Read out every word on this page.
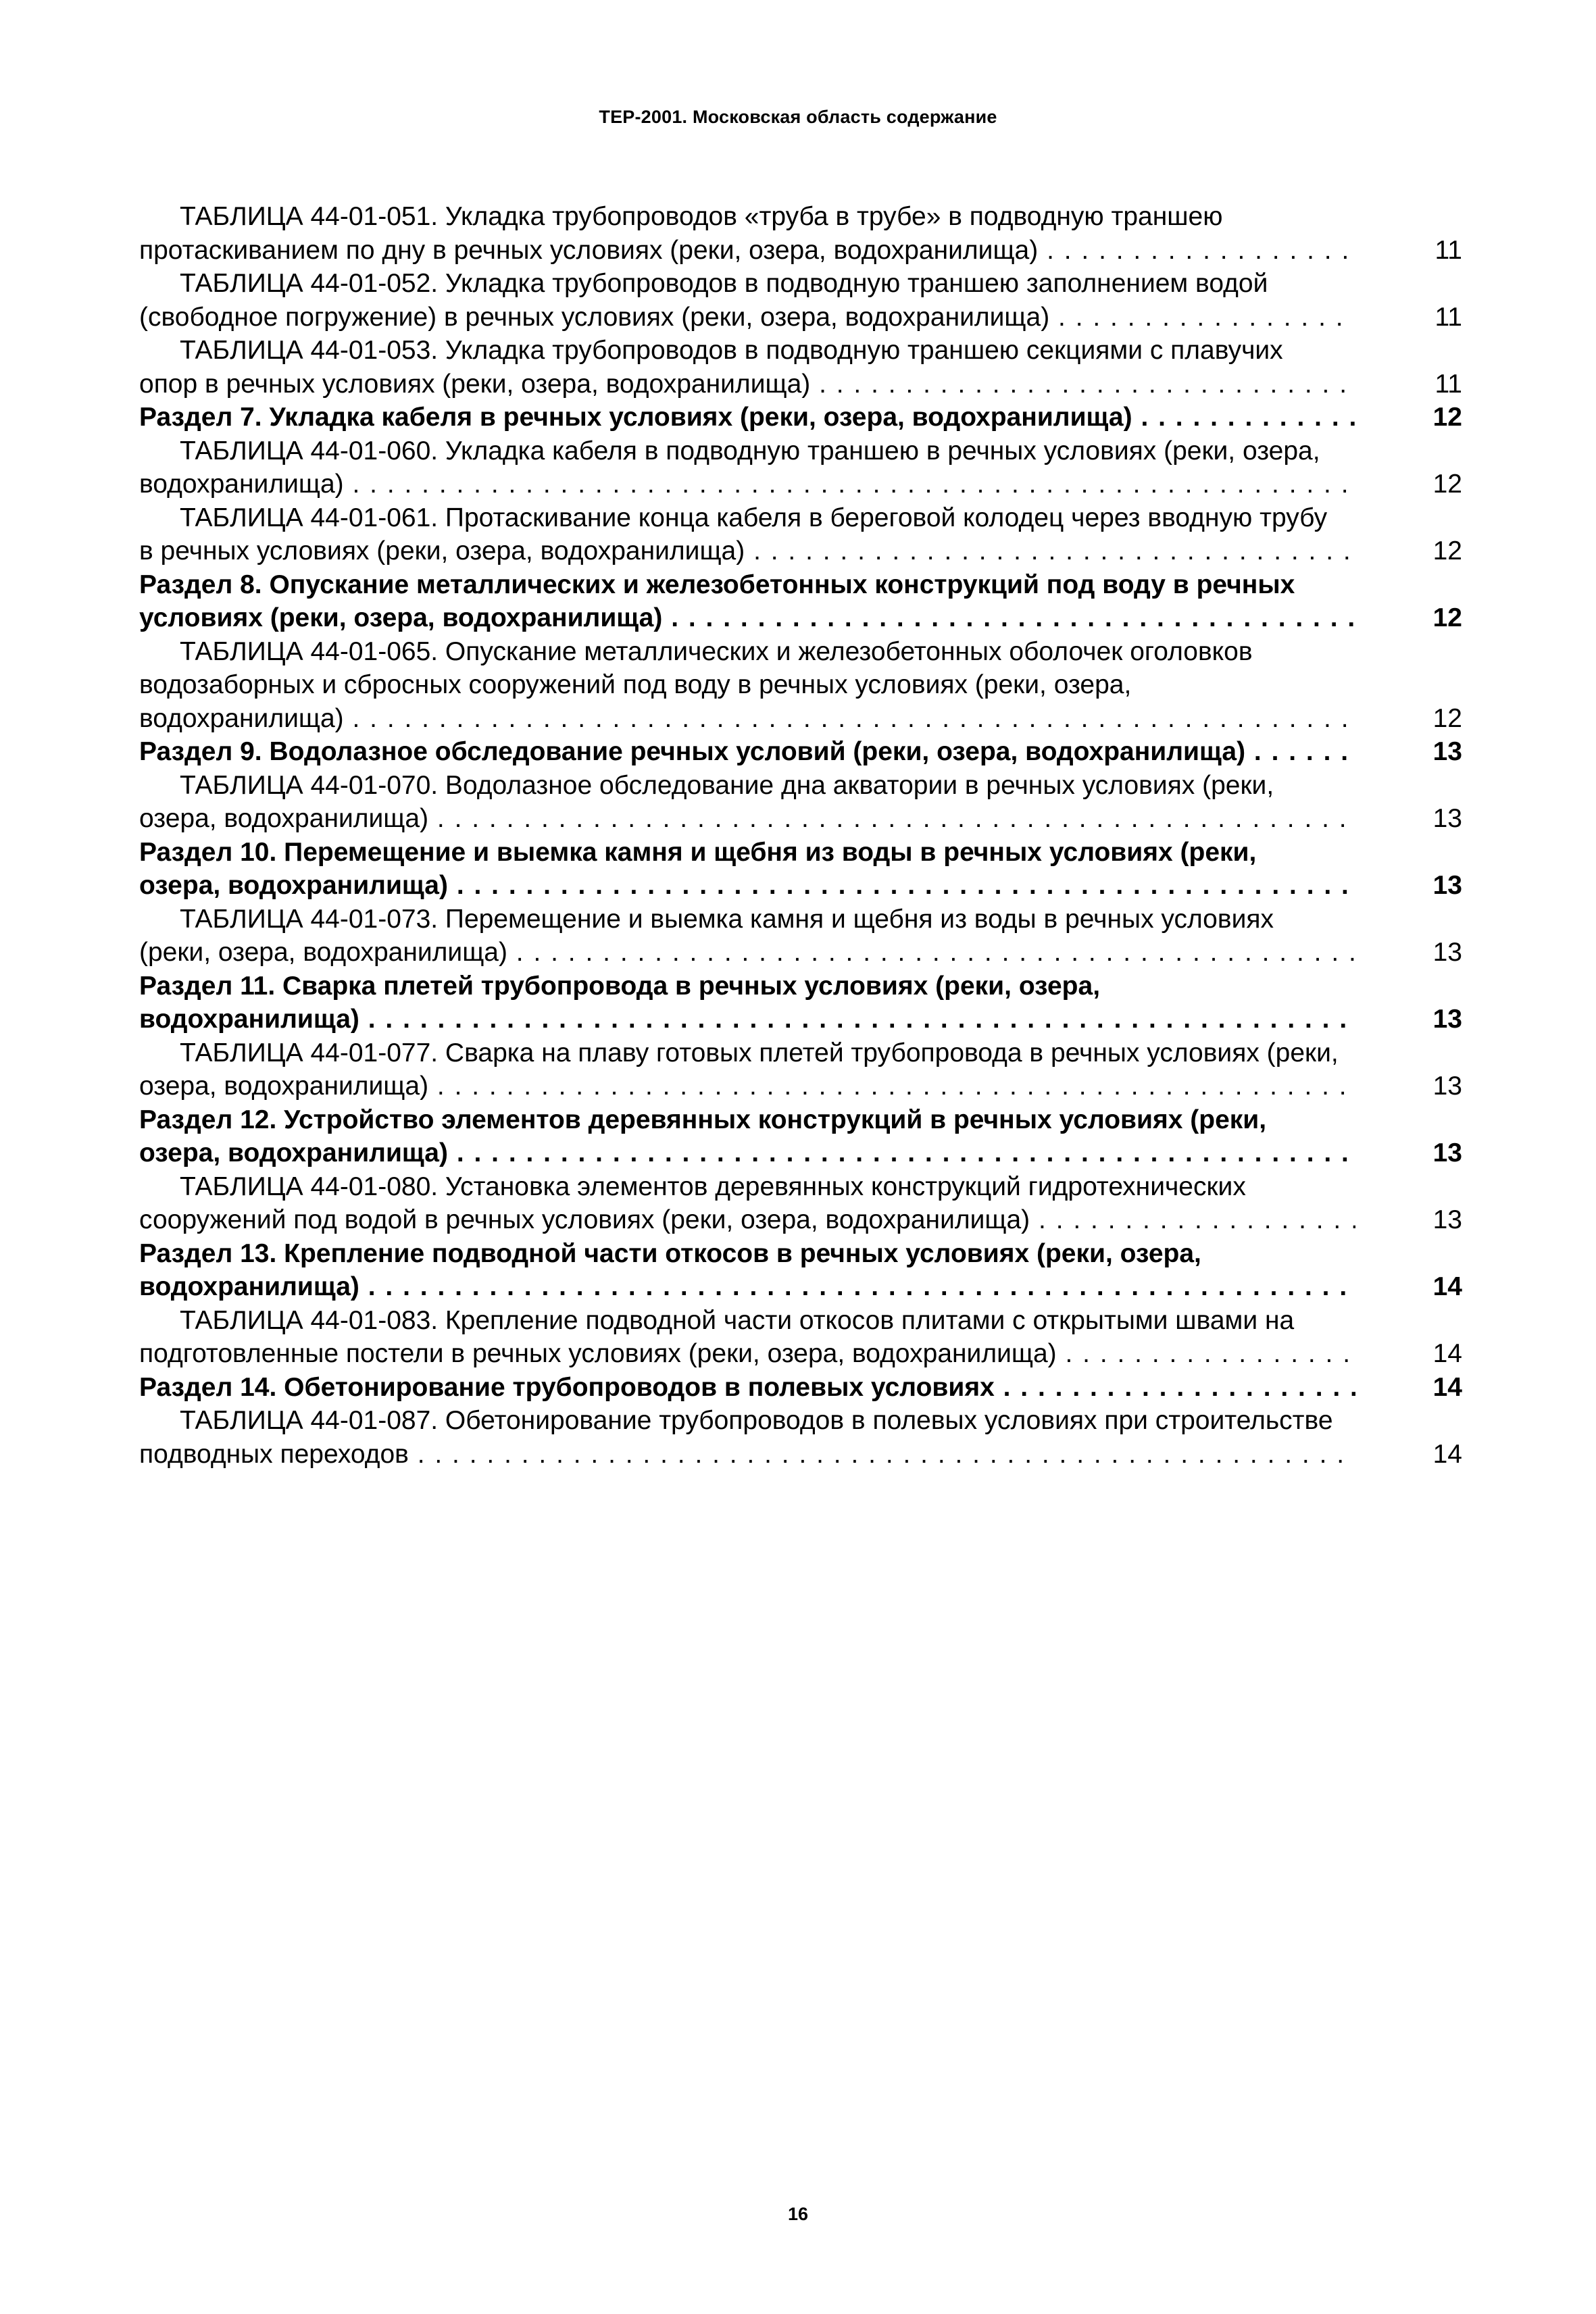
ТЕР-2001. Московская область содержание
ТАБЛИЦА 44-01-051. Укладка трубопроводов «труба в трубе» в подводную траншею
протаскиванием по дну в речных условиях (реки, озера, водохранилища) . . .	11
ТАБЛИЦА 44-01-052. Укладка трубопроводов в подводную траншею заполнением водой
(свободное погружение) в речных условиях (реки, озера, водохранилища) . . .	11
ТАБЛИЦА 44-01-053. Укладка трубопроводов в подводную траншею секциями с плавучих
опор в речных условиях (реки, озера, водохранилища) . . .	11
Раздел 7. Укладка кабеля в речных условиях (реки, озера, водохранилища) . . .	12
ТАБЛИЦА 44-01-060. Укладка кабеля в подводную траншею в речных условиях (реки, озера,
водохранилища) . . .	12
ТАБЛИЦА 44-01-061. Протаскивание конца кабеля в береговой колодец через вводную трубу
в речных условиях (реки, озера, водохранилища) . . .	12
Раздел 8. Опускание металлических и железобетонных конструкций под воду в речных
условиях (реки, озера, водохранилища) . . .	12
ТАБЛИЦА 44-01-065. Опускание металлических и железобетонных оболочек оголовков
водозаборных и сбросных сооружений под воду в речных условиях (реки, озера,
водохранилища) . . .	12
Раздел 9. Водолазное обследование речных условий (реки, озера, водохранилища) . . .	13
ТАБЛИЦА 44-01-070. Водолазное обследование дна акватории в речных условиях (реки,
озера, водохранилища) . . .	13
Раздел 10. Перемещение и выемка камня и щебня из воды в речных условиях (реки,
озера, водохранилища) . . .	13
ТАБЛИЦА 44-01-073. Перемещение и выемка камня и щебня из воды в речных условиях
(реки, озера, водохранилища) . . .	13
Раздел 11. Сварка плетей трубопровода в речных условиях (реки, озера,
водохранилища) . . .	13
ТАБЛИЦА 44-01-077. Сварка на плаву готовых плетей трубопровода в речных условиях (реки,
озера, водохранилища) . . .	13
Раздел 12. Устройство элементов деревянных конструкций в речных условиях (реки,
озера, водохранилища) . . .	13
ТАБЛИЦА 44-01-080. Установка элементов деревянных конструкций гидротехнических
сооружений под водой в речных условиях (реки, озера, водохранилища) . . .	13
Раздел 13. Крепление подводной части откосов в речных условиях (реки, озера,
водохранилища) . . .	14
ТАБЛИЦА 44-01-083. Крепление подводной части откосов плитами с открытыми швами на
подготовленные постели в речных условиях (реки, озера, водохранилища) . . .	14
Раздел 14. Обетонирование трубопроводов в полевых условиях . . .	14
ТАБЛИЦА 44-01-087. Обетонирование трубопроводов в полевых условиях при строительстве
подводных переходов . . .	14
16
